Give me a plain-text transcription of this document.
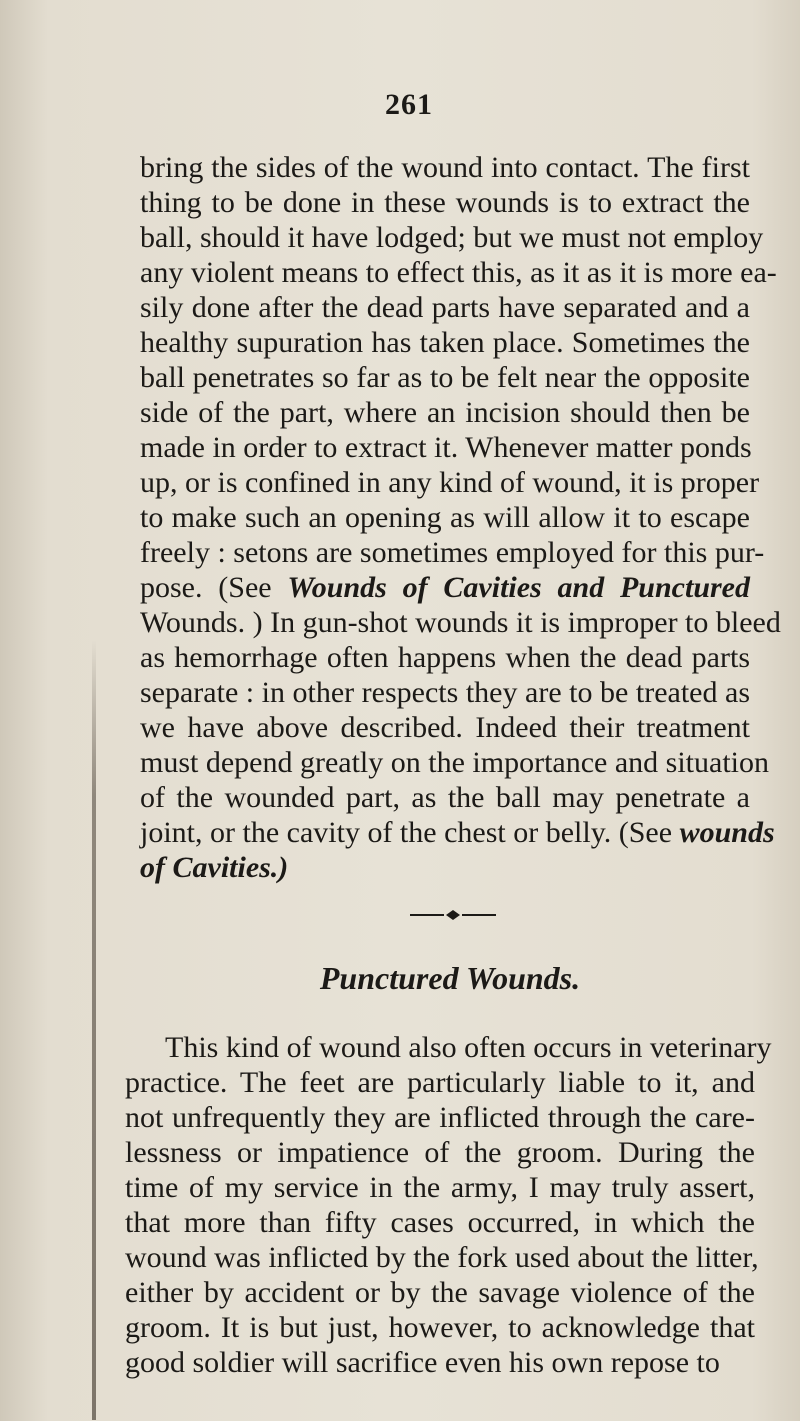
261
bring the sides of the wound into contact. The first
thing to be done in these wounds is to extract the
ball, should it have lodged; but we must not employ
any violent means to effect this, as it as it is more ea-
sily done after the dead parts have separated and a
healthy supuration has taken place. Sometimes the
ball penetrates so far as to be felt near the opposite
side of the part, where an incision should then be
made in order to extract it. Whenever matter ponds
up, or is confined in any kind of wound, it is proper
to make such an opening as will allow it to escape
freely : setons are sometimes employed for this pur-
pose. (See Wounds of Cavities and Punctured
Wounds. ) In gun-shot wounds it is improper to bleed
as hemorrhage often happens when the dead parts
separate : in other respects they are to be treated as
we have above described. Indeed their treatment
must depend greatly on the importance and situation
of the wounded part, as the ball may penetrate a
joint, or the cavity of the chest or belly. (See wounds
of Cavities.)
Punctured Wounds.
This kind of wound also often occurs in veterinary
practice. The feet are particularly liable to it, and
not unfrequently they are inflicted through the care-
lessness or impatience of the groom. During the
time of my service in the army, I may truly assert,
that more than fifty cases occurred, in which the
wound was inflicted by the fork used about the litter,
either by accident or by the savage violence of the
groom. It is but just, however, to acknowledge that
good soldier will sacrifice even his own repose to
